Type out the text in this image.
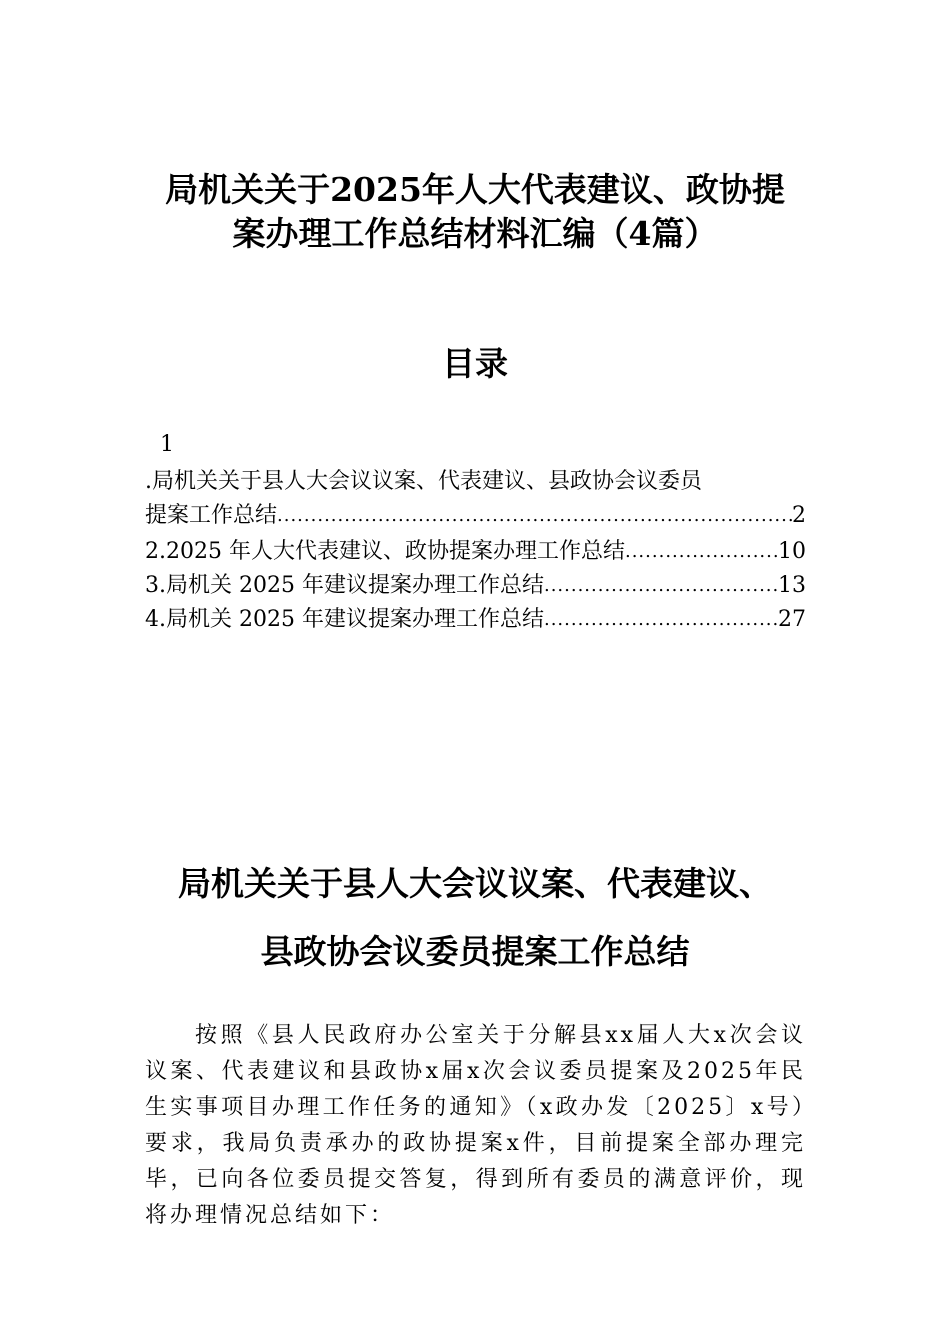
局机关关于2025年人大代表建议、政协提
案办理工作总结材料汇编（4篇）
目录
1
.局机关关于县人大会议议案、代表建议、县政协会议委员
提案工作总结 .....	2
2.2025 年人大代表建议、政协提案办理工作总结 .....	10
3.局机关 2025 年建议提案办理工作总结 .....	13
4.局机关 2025 年建议提案办理工作总结 .....	27
局机关关于县人大会议议案、代表建议、
县政协会议委员提案工作总结

按照《县人民政府办公室关于分解县xx届人大x次会议议案、代表建议和县政协x届x次会议委员提案及2025年民生实事项目办理工作任务的通知》（x政办发〔2025〕x号）要求，我局负责承办的政协提案x件，目前提案全部办理完毕，已向各位委员提交答复，得到所有委员的满意评价，现将办理情况总结如下：
